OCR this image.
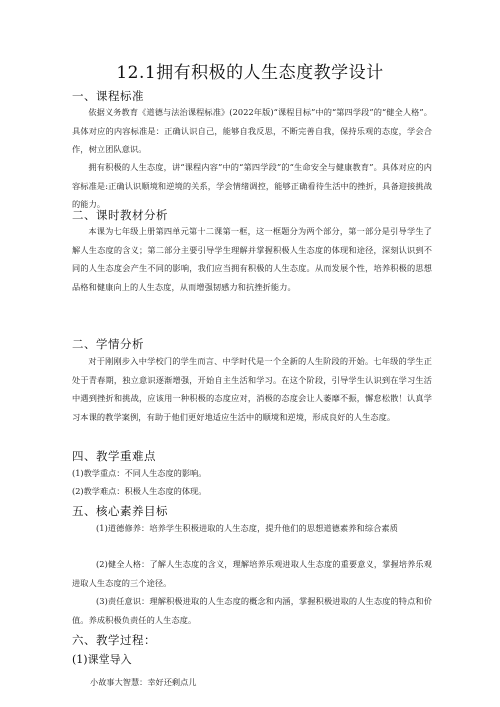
12.1拥有积极的人生态度教学设计
一、课程标准
依据义务教育《道德与法治课程标准》(2022年版)“课程目标”中的“第四学段”的“健全人格”。具体对应的内容标准是：正确认识自己，能够自我反思，不断完善自我，保持乐观的态度，学会合作，树立团队意识。
拥有积极的人生态度，讲“课程内容”中的“第四学段”的“生命安全与健康教育”。具体对应的内容标准是:正确认识顺境和逆境的关系，学会情绪调控，能够正确看待生活中的挫折，具备迎接挑战的能力。
二、课时教材分析
本课为七年级上册第四单元第十二课第一框，这一框题分为两个部分，第一部分是引导学生了解人生态度的含义；第二部分主要引导学生理解并掌握积极人生态度的体现和途径，深刻认识到不同的人生态度会产生不同的影响，我们应当拥有积极的人生态度。从而发展个性，培养积极的思想品格和健康向上的人生态度，从而增强韧感力和抗挫折能力。
二、学情分析
对于刚刚步入中学校门的学生而言、中学时代是一个全新的人生阶段的开始。七年级的学生正处于青春期，独立意识逐渐增强，开始自主生活和学习。在这个阶段，引导学生认识到在学习生活中遇到挫折和挑战，应该用一种积极的态度应对，消极的态度会让人萎靡不振，懈怠松散！认真学习本课的教学案例，有助于他们更好地适应生活中的顺境和逆境，形成良好的人生态度。
四、教学重难点
(1)教学重点：不同人生态度的影响。
(2)教学难点：积极人生态度的体现。
五、核心素养目标
(1)道德修养：培养学生积极进取的人生态度，提升他们的思想道德素养和综合素质
(2)健全人格：了解人生态度的含义，理解培养乐观进取人生态度的重要意义，掌握培养乐观进取人生态度的三个途径。
(3)责任意识：理解积极进取的人生态度的概念和内涵，掌握积极进取的人生态度的特点和价值。养成积极负责任的人生态度。
六、教学过程：
(1)课堂导入
小故事大智慧：幸好还剩点儿
